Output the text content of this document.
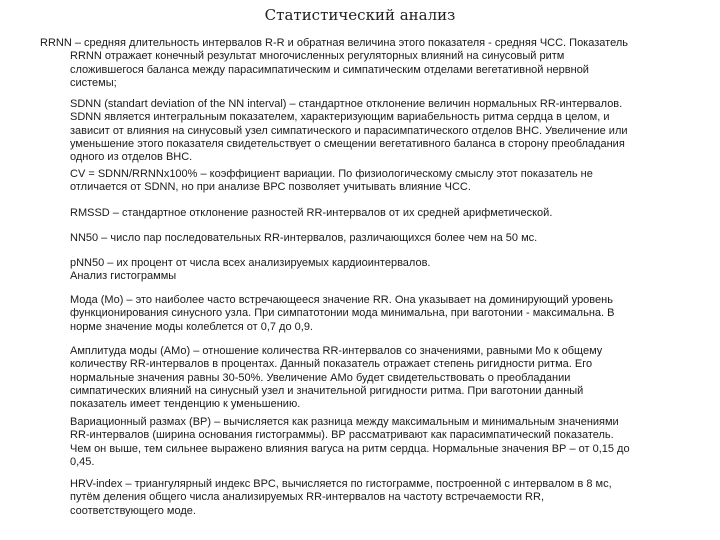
Статистический анализ
RRNN – средняя длительность интервалов R-R и обратная величина этого показателя - средняя ЧСС. Показатель
RRNN отражает конечный результат многочисленных регуляторных влияний на синусовый ритм
сложившегося баланса между парасимпатическим и симпатическим отделами вегетативной нервной
системы;
SDNN (standart deviation of the NN interval) – стандартное отклонение величин нормальных RR-интервалов.
SDNN является интегральным показателем, характеризующим вариабельность ритма сердца в целом, и
зависит от влияния на синусовый узел симпатического и парасимпатического отделов ВНС. Увеличение или
уменьшение этого показателя свидетельствует о смещении вегетативного баланса в сторону преобладания
одного из отделов ВНС.
CV = SDNN/RRNNx100% – коэффициент вариации. По физиологическому смыслу этот показатель не
отличается от SDNN, но при анализе ВРС позволяет учитывать влияние ЧСС.
RMSSD – стандартное отклонение разностей RR-интервалов от их средней арифметической.
NN50 – число пар последовательных RR-интервалов, различающихся более чем на 50 мс.
pNN50 – их процент от числа всех анализируемых кардиоинтервалов.
Анализ гистограммы
Мода (Mo) – это наиболее часто встречающееся значение RR. Она указывает на доминирующий уровень
функционирования синусного узла. При симпатотонии мода минимальна, при ваготонии - максимальна. В
норме значение моды колеблется от 0,7 до 0,9.
Амплитуда моды (АМо) – отношение количества RR-интервалов со значениями, равными Мо к общему
количеству RR-интервалов в процентах. Данный показатель отражает степень ригидности ритма. Его
нормальные значения равны 30-50%. Увеличение АМо будет свидетельствовать о преобладании
симпатических влияний на синусный узел и значительной ригидности ритма. При ваготонии данный
показатель имеет тенденцию к уменьшению.
Вариационный размах (ВР) – вычисляется как разница между максимальным и минимальным значениями
RR-интервалов (ширина основания гистограммы). ВР рассматривают как парасимпатический показатель.
Чем он выше, тем сильнее выражено влияния вагуса на ритм сердца. Нормальные значения ВР – от 0,15 до
0,45.
HRV-index – триангулярный индекс ВРС, вычисляется по гистограмме, построенной с интервалом в 8 мс,
путём деления общего числа анализируемых RR-интервалов на частоту встречаемости RR,
соответствующего моде.
